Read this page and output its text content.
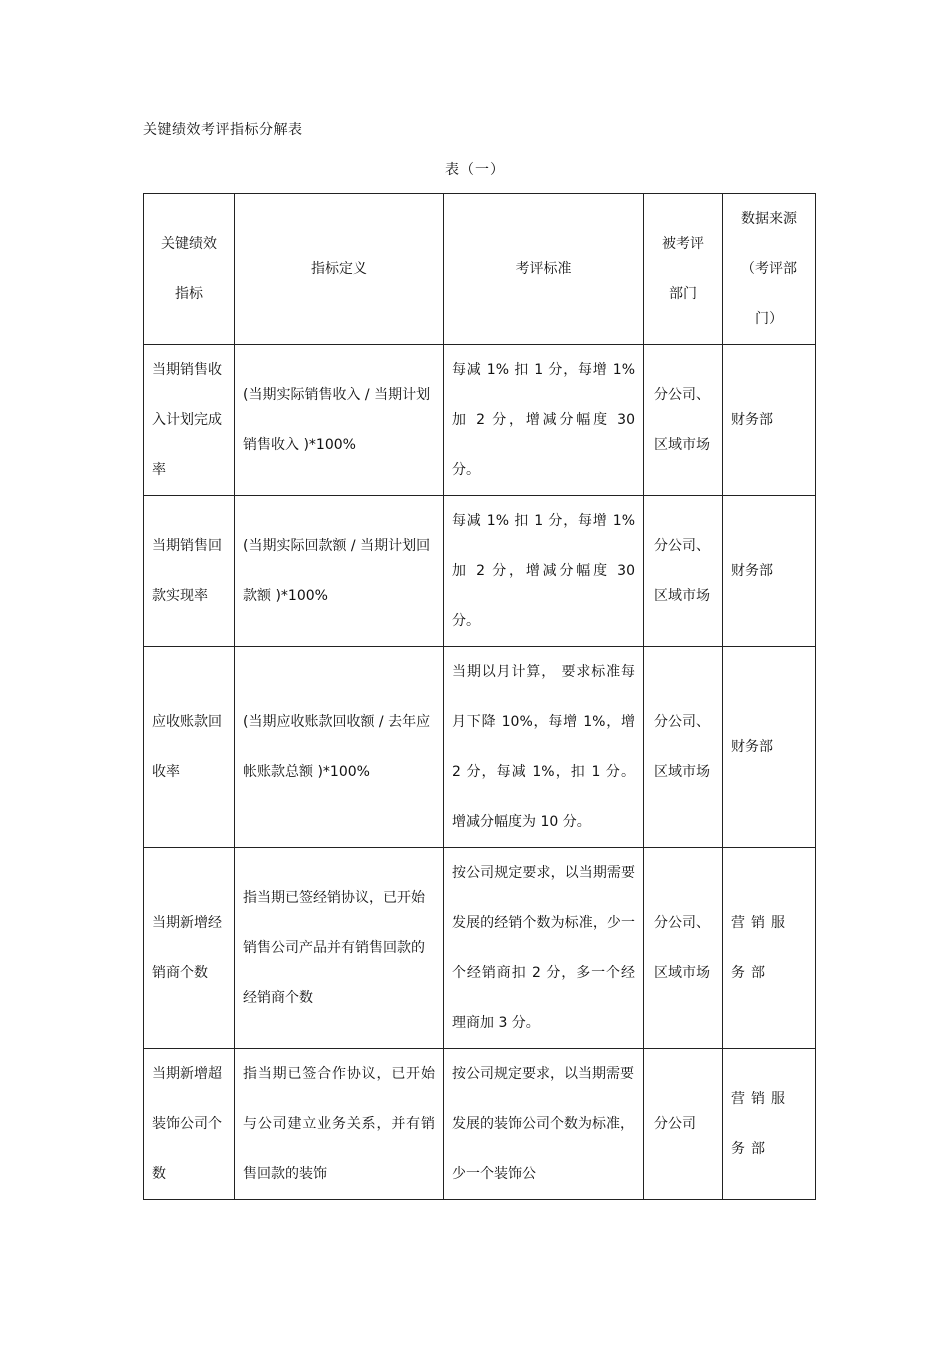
关键绩效考评指标分解表
表（一）
关键绩效指标	指标定义	考评标准	被考评部门	数据来源（考评部门）

当期销售收入计划完成率	(当期实际销售收入 / 当期计划销售收入 )*100%	每减 1% 扣 1 分，每增 1% 加 2 分，增减分幅度 30 分。	分公司、区域市场	财务部

当期销售回款实现率	(当期实际回款额 / 当期计划回款额 )*100%	每减 1% 扣 1 分，每增 1% 加 2 分，增减分幅度 30 分。	分公司、区域市场	财务部

应收账款回收率	(当期应收账款回收额 / 去年应帐账款总额 )*100%	当期以月计算， 要求标准每月下降 10%，每增 1%，增 2 分，每减 1%，扣 1 分。增减分幅度为 10 分。	分公司、区域市场	财务部

当期新增经销商个数	指当期已签经销协议，已开始销售公司产品并有销售回款的经销商个数	按公司规定要求，以当期需要发展的经销个数为标准，少一个经销商扣 2 分，多一个经理商加 3 分。	分公司、区域市场	营销服务部

当期新增超装饰公司个数	指当期已签合作协议，已开始与公司建立业务关系，并有销售回款的装饰	按公司规定要求，以当期需要发展的装饰公司个数为标准， 少一个装饰公	分公司	营销服务部
